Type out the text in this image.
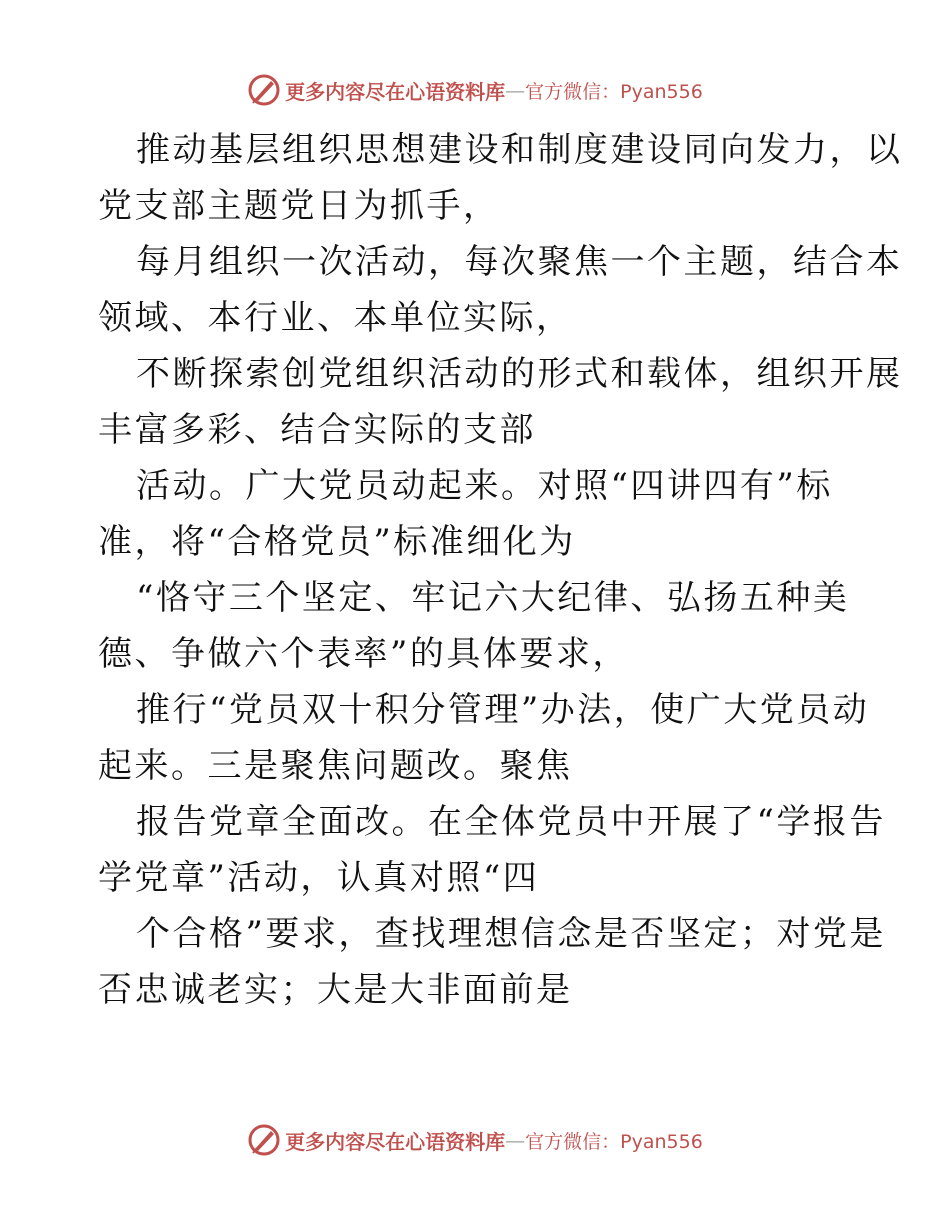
更多内容尽在心语资料库 — 官方微信：Pyan556

推动基层组织思想建设和制度建设同向发力，以
党支部主题党日为抓手，

每月组织一次活动，每次聚焦一个主题，结合本
领域、本行业、本单位实际，

不断探索创党组织活动的形式和载体，组织开展
丰富多彩、结合实际的支部

活动。广大党员动起来。对照“四讲四有”标
准，将“合格党员”标准细化为

“恪守三个坚定、牢记六大纪律、弘扬五种美
德、争做六个表率”的具体要求，

推行“党员双十积分管理”办法，使广大党员动
起来。三是聚焦问题改。聚焦

报告党章全面改。在全体党员中开展了“学报告
学党章”活动，认真对照“四

个合格”要求，查找理想信念是否坚定；对党是
否忠诚老实；大是大非面前是

更多内容尽在心语资料库 — 官方微信：Pyan556
